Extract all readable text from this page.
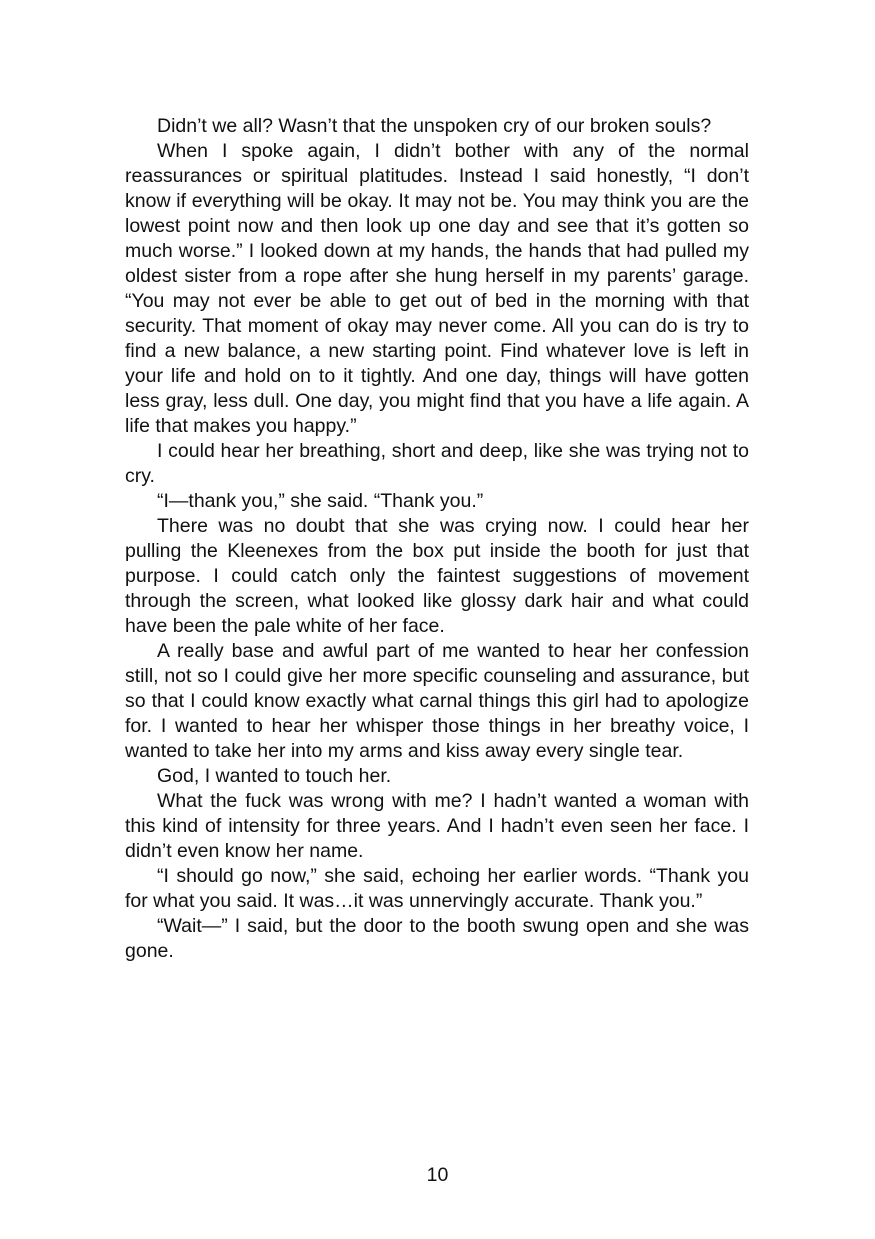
Didn’t we all? Wasn’t that the unspoken cry of our broken souls?

When I spoke again, I didn’t bother with any of the normal reassurances or spiritual platitudes. Instead I said honestly, “I don’t know if everything will be okay. It may not be. You may think you are the lowest point now and then look up one day and see that it’s gotten so much worse.” I looked down at my hands, the hands that had pulled my oldest sister from a rope after she hung herself in my parents’ garage. “You may not ever be able to get out of bed in the morning with that security. That moment of okay may never come. All you can do is try to find a new balance, a new starting point. Find whatever love is left in your life and hold on to it tightly. And one day, things will have gotten less gray, less dull. One day, you might find that you have a life again. A life that makes you happy.”

I could hear her breathing, short and deep, like she was trying not to cry.

“I—thank you,” she said. “Thank you.”

There was no doubt that she was crying now. I could hear her pulling the Kleenexes from the box put inside the booth for just that purpose. I could catch only the faintest suggestions of movement through the screen, what looked like glossy dark hair and what could have been the pale white of her face.

A really base and awful part of me wanted to hear her confession still, not so I could give her more specific counseling and assurance, but so that I could know exactly what carnal things this girl had to apologize for. I wanted to hear her whisper those things in her breathy voice, I wanted to take her into my arms and kiss away every single tear.

God, I wanted to touch her.

What the fuck was wrong with me? I hadn’t wanted a woman with this kind of intensity for three years. And I hadn’t even seen her face. I didn’t even know her name.

“I should go now,” she said, echoing her earlier words. “Thank you for what you said. It was…it was unnervingly accurate. Thank you.”

“Wait—” I said, but the door to the booth swung open and she was gone.

10
